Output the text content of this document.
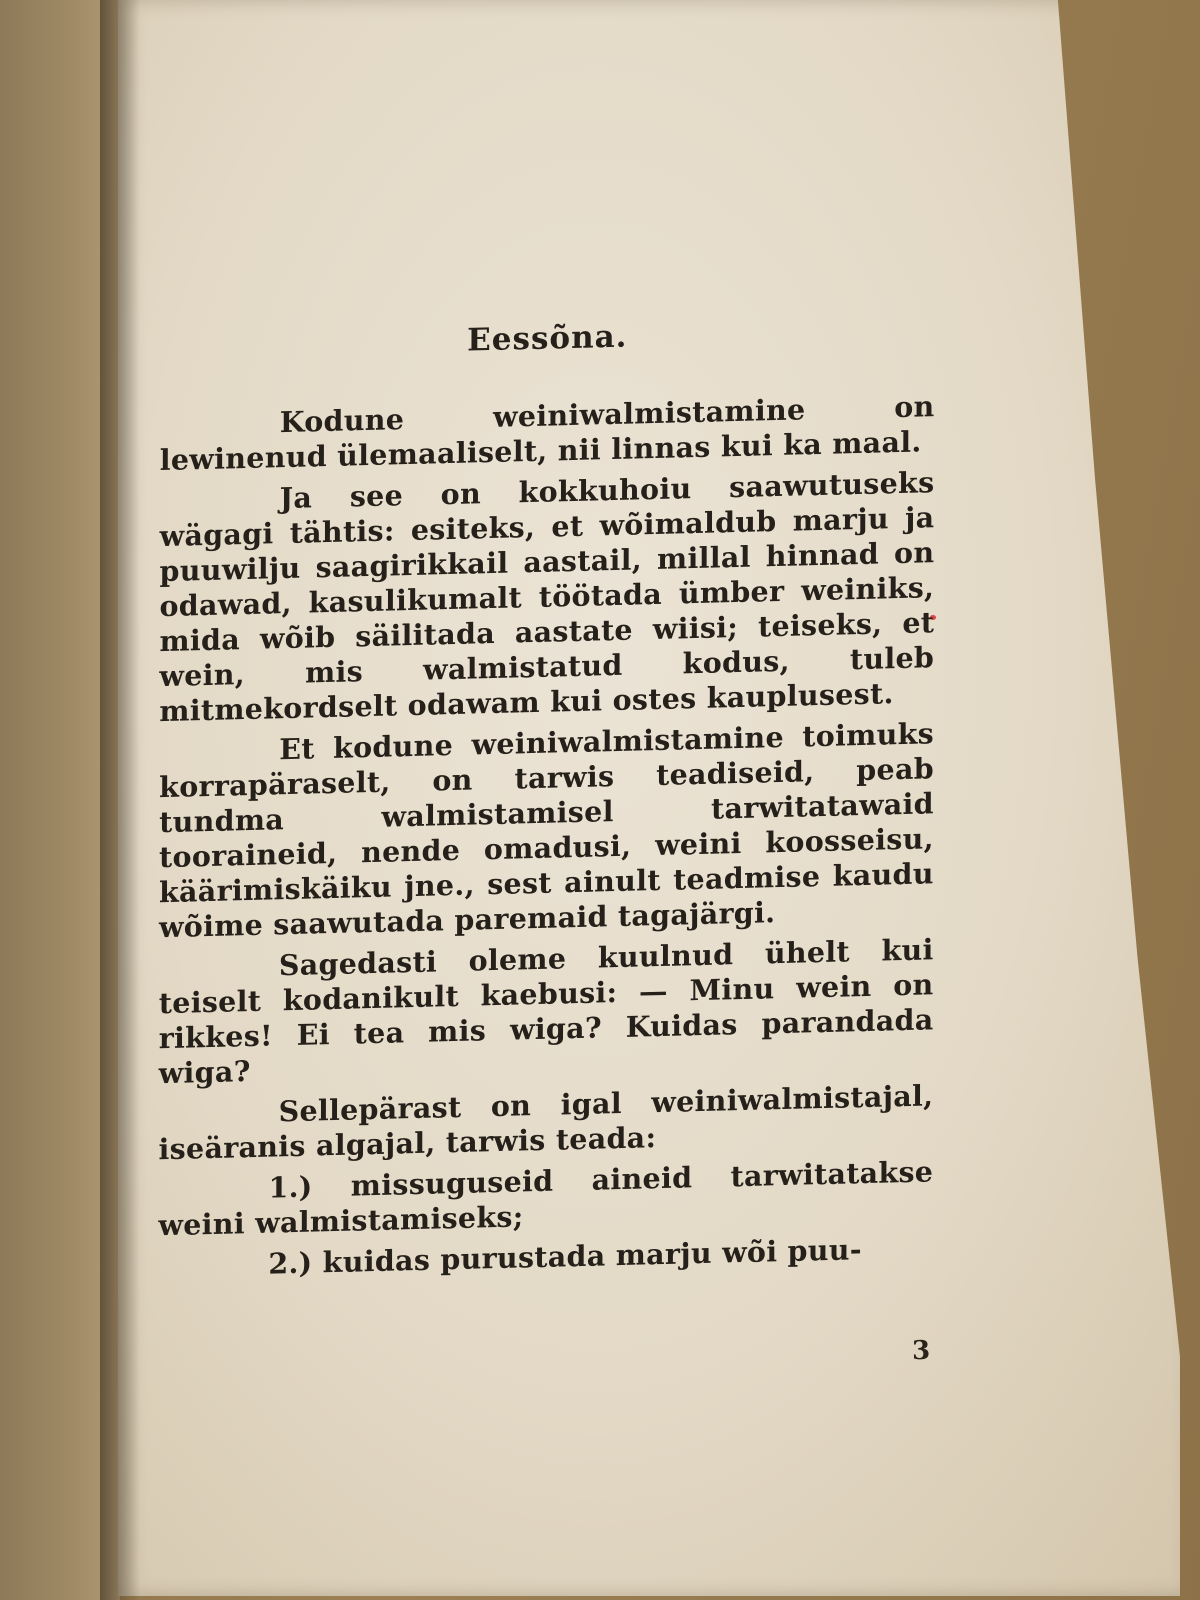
Eessõna.

Kodune weiniwalmistamine on lewinenud ülemaaliselt, nii linnas kui ka maal.

Ja see on kokkuhoiu saawutuseks wägagi tähtis: esiteks, et wõimaldub marju ja puuwilju saagirikkail aastail, millal hinnad on odawad, kasulikumalt töötada ümber weiniks, mida wõib säilitada aastate wiisi; teiseks, et wein, mis walmistatud kodus, tuleb mitmekordselt odawam kui ostes kauplusest.

Et kodune weiniwalmistamine toimuks korrapäraselt, on tarwis teadiseid, peab tundma walmistamisel tarwitatawaid tooraineid, nende omadusi, weini koosseisu, käärimiskäiku jne., sest ainult teadmise kaudu wõime saawutada paremaid tagajärgi.

Sagedasti oleme kuulnud ühelt kui teiselt kodanikult kaebusi: — Minu wein on rikkes! Ei tea mis wiga? Kuidas parandada wiga?

Sellepärast on igal weiniwalmistajal, iseäranis algajal, tarwis teada:

1.) missuguseid aineid tarwitatakse weini walmistamiseks;

2.) kuidas purustada marju wõi puu-

3
